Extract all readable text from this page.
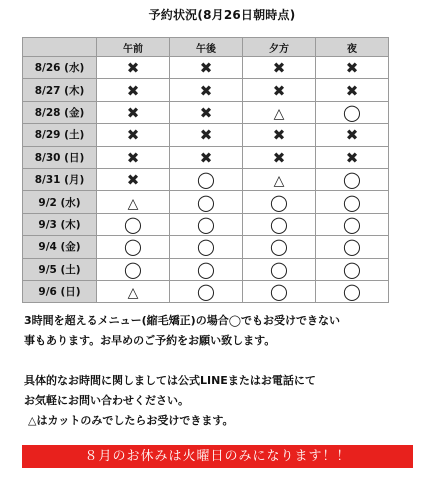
予約状況(8月26日朝時点)
	午前	午後	夕方	夜
8/26 (水)	✖	✖	✖	✖
8/27 (木)	✖	✖	✖	✖
8/28 (金)	✖	✖	△	◯
8/29 (土)	✖	✖	✖	✖
8/30 (日)	✖	✖	✖	✖
8/31 (月)	✖	◯	△	◯
9/2 (水)	△	◯	◯	◯
9/3 (木)	◯	◯	◯	◯
9/4 (金)	◯	◯	◯	◯
9/5 (土)	◯	◯	◯	◯
9/6 (日)	△	◯	◯	◯
3時間を超えるメニュー(縮毛矯正)の場合◯でもお受けできない
事もあります。お早めのご予約をお願い致します。
具体的なお時間に関しましては公式LINEまたはお電話にて
お気軽にお問い合わせください。
△はカットのみでしたらお受けできます。
８月のお休みは火曜日のみになります！！
